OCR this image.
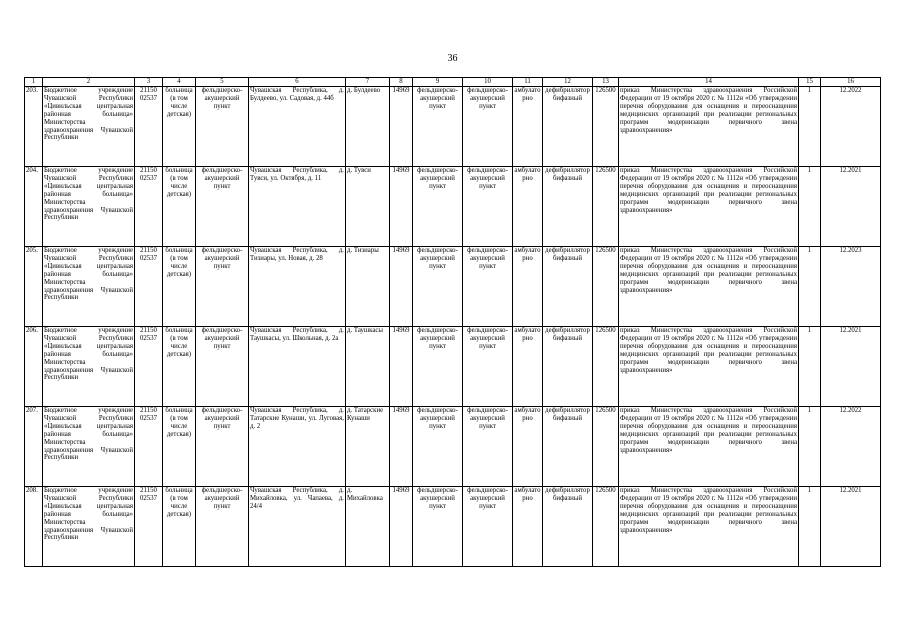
36
1	2	3	4	5	6	7	8	9	10	11	12	13	14	15	16
203.	Бюджетное учреждение Чувашской Республики «Цивильская центральная районная больница» Министерства здравоохранения Чувашской Республики	21150 02537	больница (в том числе детская)	фельдшерско-акушерский пункт	Чувашская Республика, д. Булдеево, ул. Садовая, д. 44б	д. Булдеево	14969	фельдшерско-акушерский пункт	фельдшерско-акушерский пункт	амбулаторно	дефибриллятор бифазный	126500	приказ Министерства здравоохранения Российской Федерации от 19 октября 2020 г. № 1112н «Об утверждении перечня оборудования для оснащения и переоснащения медицинских организаций при реализации региональных программ модернизации первичного звена здравоохранения»	1	12.2022
204.	Бюджетное учреждение Чувашской Республики «Цивильская центральная районная больница» Министерства здравоохранения Чувашской Республики	21150 02537	больница (в том числе детская)	фельдшерско-акушерский пункт	Чувашская Республика, д. Тувси, ул. Октября, д. 11	д. Тувси	14969	фельдшерско-акушерский пункт	фельдшерско-акушерский пункт	амбулаторно	дефибриллятор бифазный	126500	приказ Министерства здравоохранения Российской Федерации от 19 октября 2020 г. № 1112н «Об утверждении перечня оборудования для оснащения и переоснащения медицинских организаций при реализации региональных программ модернизации первичного звена здравоохранения»	1	12.2021
205.	Бюджетное учреждение Чувашской Республики «Цивильская центральная районная больница» Министерства здравоохранения Чувашской Республики	21150 02537	больница (в том числе детская)	фельдшерско-акушерский пункт	Чувашская Республика, д. Тизиары, ул. Новая, д. 28	д. Тизиары	14969	фельдшерско-акушерский пункт	фельдшерско-акушерский пункт	амбулаторно	дефибриллятор бифазный	126500	приказ Министерства здравоохранения Российской Федерации от 19 октября 2020 г. № 1112н «Об утверждении перечня оборудования для оснащения и переоснащения медицинских организаций при реализации региональных программ модернизации первичного звена здравоохранения»	1	12.2023
206.	Бюджетное учреждение Чувашской Республики «Цивильская центральная районная больница» Министерства здравоохранения Чувашской Республики	21150 02537	больница (в том числе детская)	фельдшерско-акушерский пункт	Чувашская Республика, д. Таушкасы, ул. Школьная, д. 2а	д. Таушкасы	14969	фельдшерско-акушерский пункт	фельдшерско-акушерский пункт	амбулаторно	дефибриллятор бифазный	126500	приказ Министерства здравоохранения Российской Федерации от 19 октября 2020 г. № 1112н «Об утверждении перечня оборудования для оснащения и переоснащения медицинских организаций при реализации региональных программ модернизации первичного звена здравоохранения»	1	12.2021
207.	Бюджетное учреждение Чувашской Республики «Цивильская центральная районная больница» Министерства здравоохранения Чувашской Республики	21150 02537	больница (в том числе детская)	фельдшерско-акушерский пункт	Чувашская Республика, д. Татарские Кунаши, ул. Луговая, д. 2	д. Татарские Кунаши	14969	фельдшерско-акушерский пункт	фельдшерско-акушерский пункт	амбулаторно	дефибриллятор бифазный	126500	приказ Министерства здравоохранения Российской Федерации от 19 октября 2020 г. № 1112н «Об утверждении перечня оборудования для оснащения и переоснащения медицинских организаций при реализации региональных программ модернизации первичного звена здравоохранения»	1	12.2022
208.	Бюджетное учреждение Чувашской Республики «Цивильская центральная районная больница» Министерства здравоохранения Чувашской Республики	21150 02537	больница (в том числе детская)	фельдшерско-акушерский пункт	Чувашская Республика, д. Михайловка, ул. Чапаева, д. 24/4	д. Михайловка	14969	фельдшерско-акушерский пункт	фельдшерско-акушерский пункт	амбулаторно	дефибриллятор бифазный	126500	приказ Министерства здравоохранения Российской Федерации от 19 октября 2020 г. № 1112н «Об утверждении перечня оборудования для оснащения и переоснащения медицинских организаций при реализации региональных программ модернизации первичного звена здравоохранения»	1	12.2021
